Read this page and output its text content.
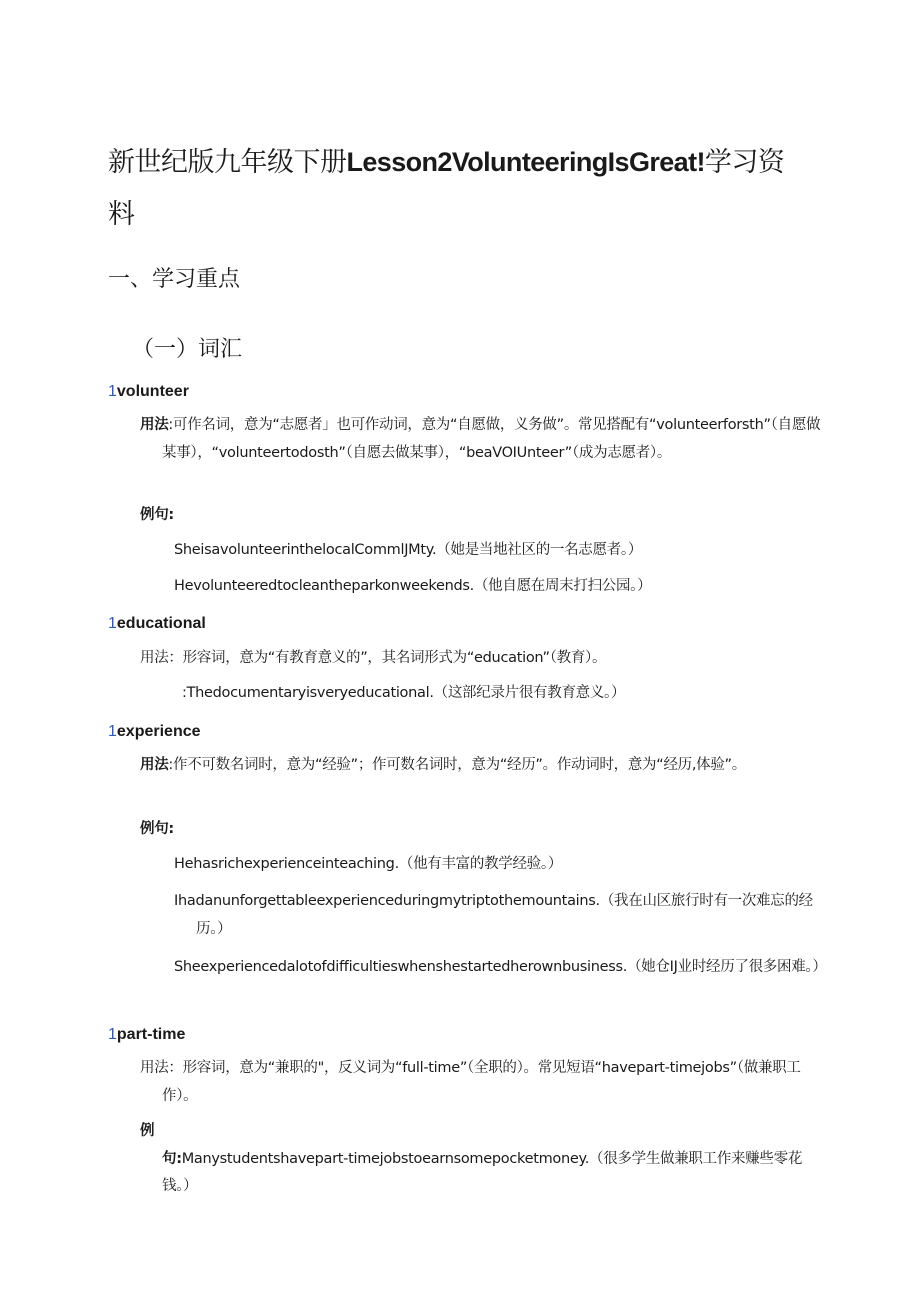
新世纪版九年级下册Lesson2VolunteeringIsGreat!学习资料
一、学习重点
（一）词汇
1volunteer

用法:可作名词，意为“志愿者」也可作动词，意为“自愿做，义务做”。常见搭配有“volunteerforsth”（自愿做某事），“volunteertodosth”（自愿去做某事），“beaVOIUnteer”（成为志愿者）。

例句:

SheisavolunteerinthelocalCommlJMty.（她是当地社区的一名志愿者。）

Hevolunteeredtocleantheparkonweekends.（他自愿在周末打扫公园。）

1educational

用法：形容词，意为“有教育意义的”，其名词形式为“education”（教育）。

:Thedocumentaryisveryeducational.（这部纪录片很有教育意义。）

1experience

用法:作不可数名词时，意为“经验”；作可数名词时，意为“经历”。作动词时，意为“经历,体验”。

例句:

Hehasrichexperienceinteaching.（他有丰富的教学经验。）

Ihadanunforgettableexperienceduringmytriptothemountains.（我在山区旅行时有一次难忘的经历。）

Sheexperiencedalotofdifficultieswhenshestartedherownbusiness.（她仓IJ业时经历了很多困难。）

1part-time

用法：形容词，意为“兼职的"，反义词为“full-time”（全职的）。常见短语“havepart-timejobs”（做兼职工作）。

例句:Manystudentshavepart-timejobstoearnsomepocketmoney.（很多学生做兼职工作来赚些零花钱。）
